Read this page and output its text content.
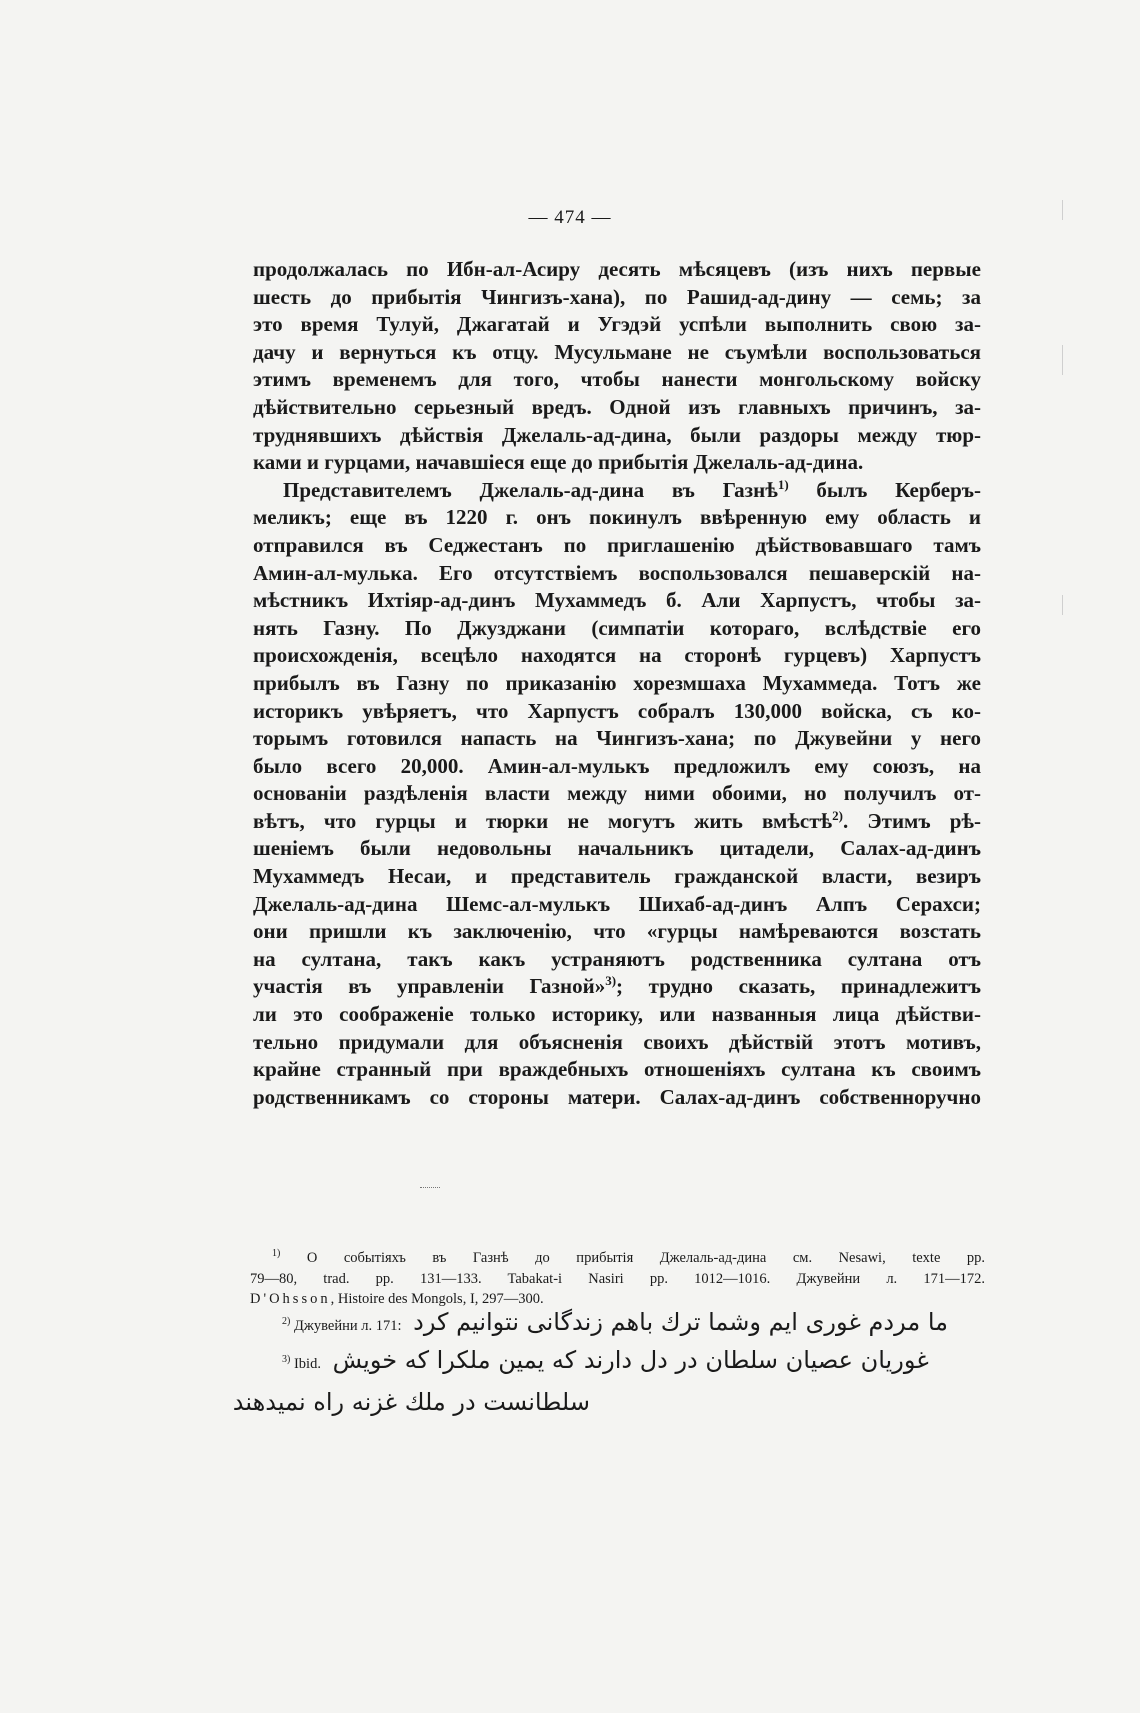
— 474 —
продолжалась по Ибн-ал-Асиру десять мѣсяцевъ (изъ нихъ первые
шесть до прибытія Чингизъ-хана), по Рашид-ад-дину — семь; за
это время Тулуй, Джагатай и Угэдэй успѣли выполнить свою за-
дачу и вернуться къ отцу. Мусульмане не съумѣли воспользоваться
этимъ временемъ для того, чтобы нанести монгольскому войску
дѣйствительно серьезный вредъ. Одной изъ главныхъ причинъ, за-
труднявшихъ дѣйствія Джелаль-ад-дина, были раздоры между тюр-
ками и гурцами, начавшіеся еще до прибытія Джелаль-ад-дина.
Представителемъ Джелаль-ад-дина въ Газнѣ$^{1)}$ былъ Керберъ-
меликъ; еще въ 1220 г. онъ покинулъ ввѣренную ему область и
отправился въ Седжестанъ по приглашенію дѣйствовавшаго тамъ
Амин-ал-мулька. Его отсутствіемъ воспользовался пешаверскій на-
мѣстникъ Ихтіяр-ад-динъ Мухаммедъ б. Али Харпустъ, чтобы за-
нять Газну. По Джузджани (симпатіи котораго, вслѣдствіе его
происхожденія, всецѣло находятся на сторонѣ гурцевъ) Харпустъ
прибылъ въ Газну по приказанію хорезмшаха Мухаммеда. Тотъ же
историкъ увѣряетъ, что Харпустъ собралъ 130,000 войска, съ ко-
торымъ готовился напасть на Чингизъ-хана; по Джувейни у него
было всего 20,000. Амин-ал-мулькъ предложилъ ему союзъ, на
основаніи раздѣленія власти между ними обоими, но получилъ от-
вѣтъ, что гурцы и тюрки не могутъ жить вмѣстѣ$^{2)}$. Этимъ рѣ-
шеніемъ были недовольны начальникъ цитадели, Салах-ад-динъ
Мухаммедъ Несаи, и представитель гражданской власти, везиръ
Джелаль-ад-дина Шемс-ал-мулькъ Шихаб-ад-динъ Алпъ Серахси;
они пришли къ заключенію, что «гурцы намѣреваются возстать
на султана, такъ какъ устраняютъ родственника султана отъ
участія въ управленіи Газной»$^{3)}$; трудно сказать, принадлежитъ
ли это соображеніе только историку, или названныя лица дѣйстви-
тельно придумали для объясненія своихъ дѣйствій этотъ мотивъ,
крайне странный при враждебныхъ отношеніяхъ султана къ своимъ
родственникамъ со стороны матери. Салах-ад-динъ собственноручно
$^{1)}$ О событіяхъ въ Газнѣ до прибытія Джелаль-ад-дина см. Nesawi, texte pp.
79—80, trad. pp. 131—133. Tabakat-i Nasiri pp. 1012—1016. Джувейни л. 171—172.
D'Ohsson, Histoire des Mongols, I, 297—300.
$^{2)}$ Джувейни л. 171: ما مردم غوری ایم وشما ترك باهم زندگانی نتوانیم كرد
$^{3)}$ Ibid. غوریان عصیان سلطان در دل دارند كه یمین ملكرا كه خویش
سلطانست در ملك غزنه راه نمیدهند
